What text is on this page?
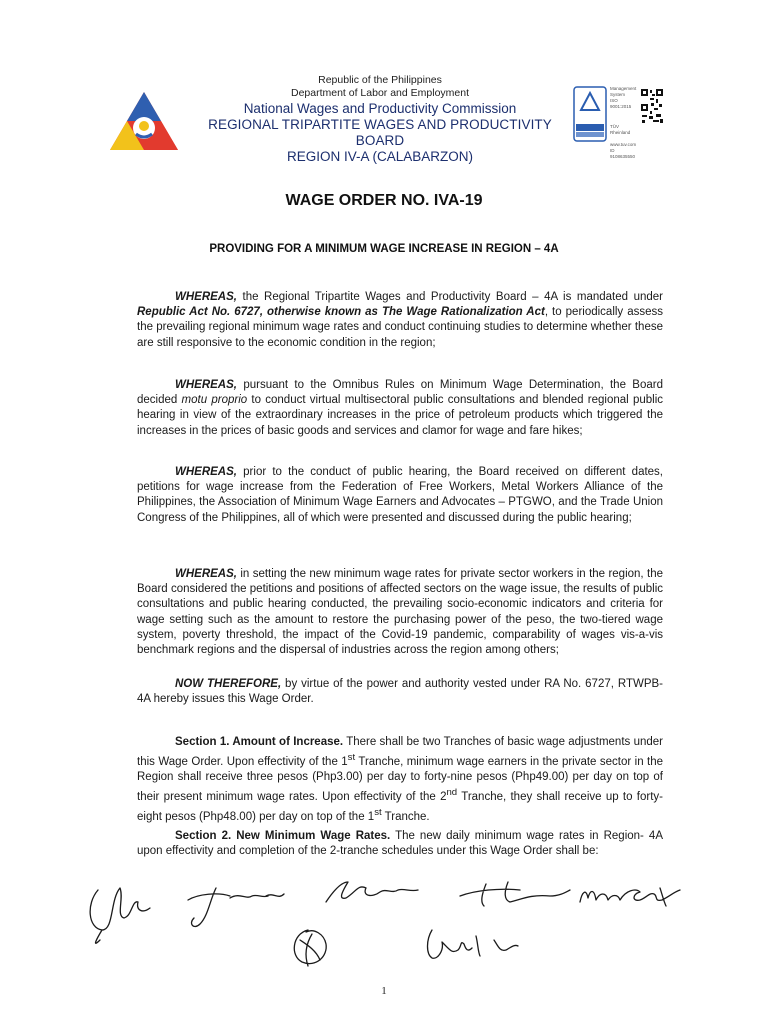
Republic of the Philippines
Department of Labor and Employment
National Wages and Productivity Commission
REGIONAL TRIPARTITE WAGES AND PRODUCTIVITY BOARD
REGION IV-A (CALABARZON)
Management
System
ISO 9001:2015
TÜV Rheinland
www.tuv.com
ID 9108635550
WAGE ORDER NO. IVA-19
PROVIDING FOR A MINIMUM WAGE INCREASE IN REGION – 4A
WHEREAS, the Regional Tripartite Wages and Productivity Board – 4A is mandated under Republic Act No. 6727, otherwise known as The Wage Rationalization Act, to periodically assess the prevailing regional minimum wage rates and conduct continuing studies to determine whether these are still responsive to the economic condition in the region;
WHEREAS, pursuant to the Omnibus Rules on Minimum Wage Determination, the Board decided motu proprio to conduct virtual multisectoral public consultations and blended regional public hearing in view of the extraordinary increases in the price of petroleum products which triggered the increases in the prices of basic goods and services and clamor for wage and fare hikes;
WHEREAS, prior to the conduct of public hearing, the Board received on different dates, petitions for wage increase from the Federation of Free Workers, Metal Workers Alliance of the Philippines, the Association of Minimum Wage Earners and Advocates – PTGWO, and the Trade Union Congress of the Philippines, all of which were presented and discussed during the public hearing;
WHEREAS, in setting the new minimum wage rates for private sector workers in the region, the Board considered the petitions and positions of affected sectors on the wage issue, the results of public consultations and public hearing conducted, the prevailing socio-economic indicators and criteria for wage setting such as the amount to restore the purchasing power of the peso, the two-tiered wage system, poverty threshold, the impact of the Covid-19 pandemic, comparability of wages vis-a-vis benchmark regions and the dispersal of industries across the region among others;
NOW THEREFORE, by virtue of the power and authority vested under RA No. 6727, RTWPB-4A hereby issues this Wage Order.
Section 1. Amount of Increase. There shall be two Tranches of basic wage adjustments under this Wage Order. Upon effectivity of the 1st Tranche, minimum wage earners in the private sector in the Region shall receive three pesos (Php3.00) per day to forty-nine pesos (Php49.00) per day on top of their present minimum wage rates. Upon effectivity of the 2nd Tranche, they shall receive up to forty-eight pesos (Php48.00) per day on top of the 1st Tranche.
Section 2. New Minimum Wage Rates. The new daily minimum wage rates in Region- 4A upon effectivity and completion of the 2-tranche schedules under this Wage Order shall be:
1
